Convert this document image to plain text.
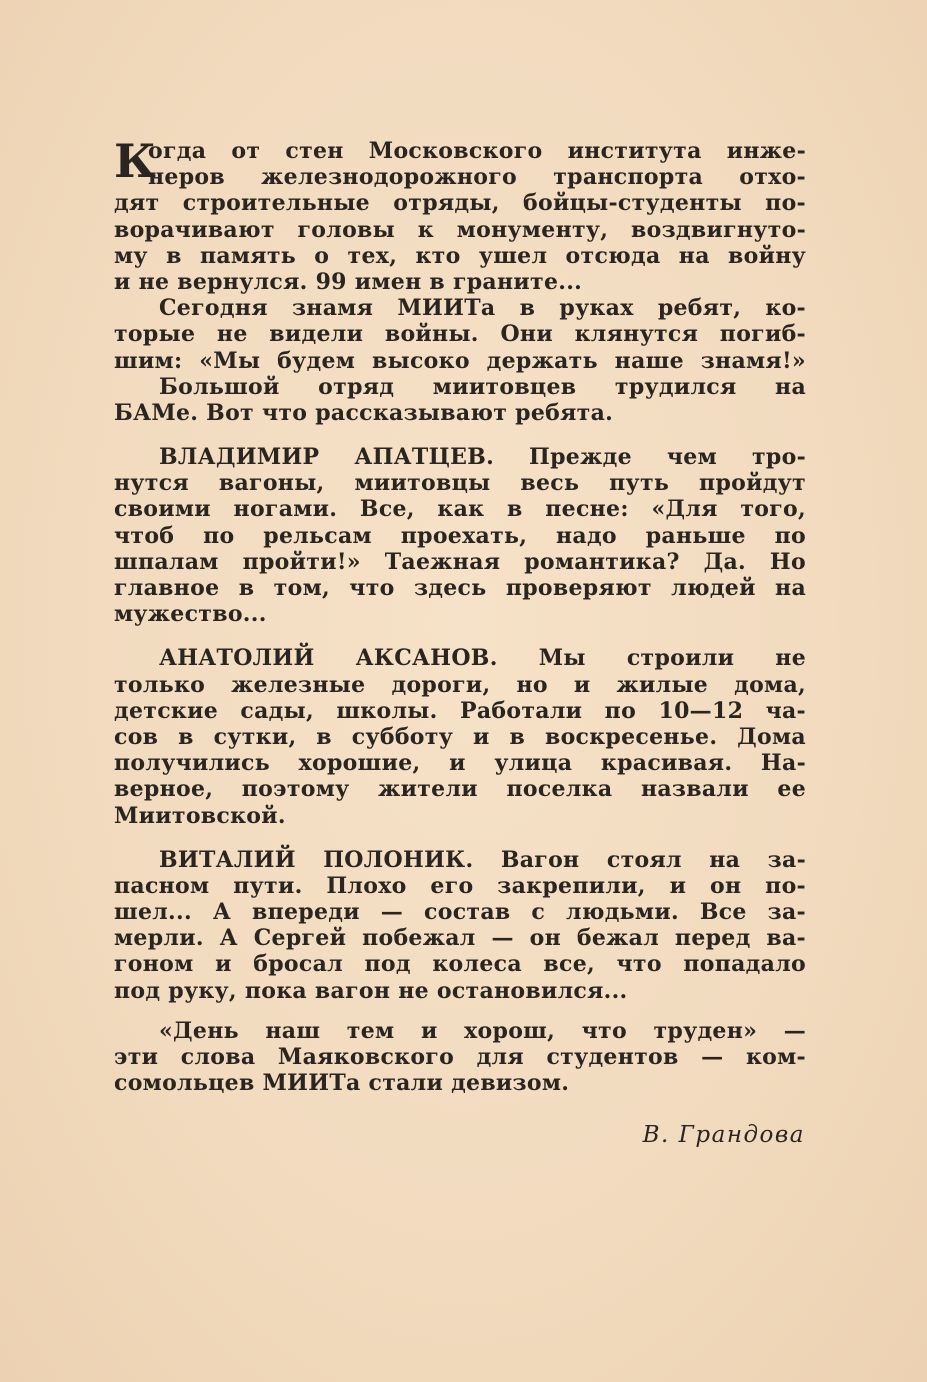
К
огда от стен Московского института инже-
неров железнодорожного транспорта отхо-
дят строительные отряды, бойцы-студенты по-
ворачивают головы к монументу, воздвигнуто-
му в память о тех, кто ушел отсюда на войну
и не вернулся. 99 имен в граните...
Сегодня знамя МИИТа в руках ребят, ко-
торые не видели войны. Они клянутся погиб-
шим: «Мы будем высоко держать наше знамя!»
Большой отряд миитовцев трудился на
БАМе. Вот что рассказывают ребята.
ВЛАДИМИР АПАТЦЕВ. Прежде чем тро-
нутся вагоны, миитовцы весь путь пройдут
своими ногами. Все, как в песне: «Для того,
чтоб по рельсам проехать, надо раньше по
шпалам пройти!» Таежная романтика? Да. Но
главное в том, что здесь проверяют людей на
мужество...
АНАТОЛИЙ АКСАНОВ. Мы строили не
только железные дороги, но и жилые дома,
детские сады, школы. Работали по 10—12 ча-
сов в сутки, в субботу и в воскресенье. Дома
получились хорошие, и улица красивая. На-
верное, поэтому жители поселка назвали ее
Миитовской.
ВИТАЛИЙ ПОЛОНИК. Вагон стоял на за-
пасном пути. Плохо его закрепили, и он по-
шел... А впереди — состав с людьми. Все за-
мерли. А Сергей побежал — он бежал перед ва-
гоном и бросал под колеса все, что попадало
под руку, пока вагон не остановился...
«День наш тем и хорош, что труден» —
эти слова Маяковского для студентов — ком-
сомольцев МИИТа стали девизом.
В. Грандова
